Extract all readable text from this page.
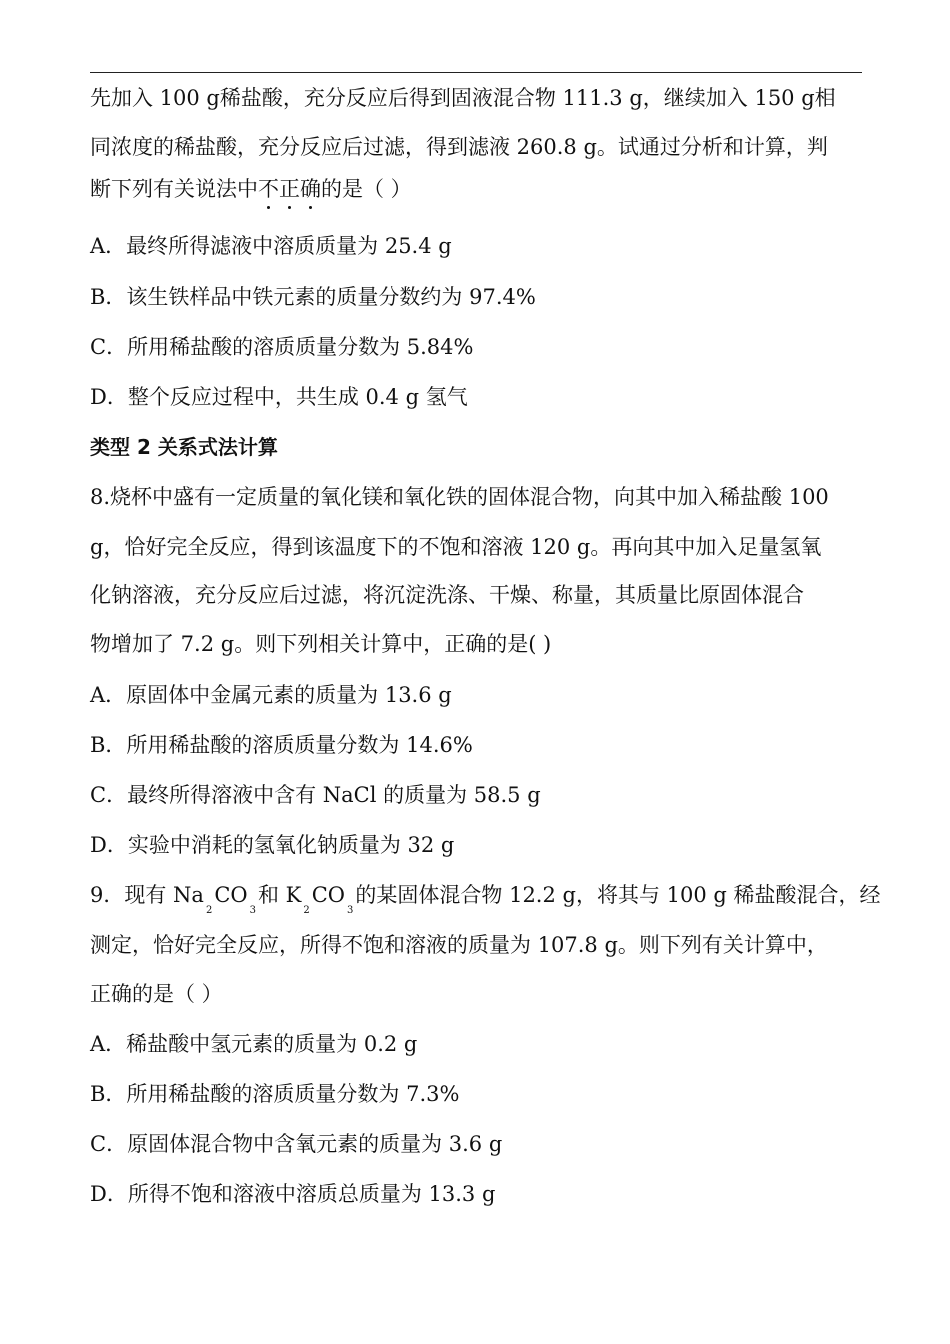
先加入 100 g稀盐酸，充分反应后得到固液混合物 111.3 g，继续加入 150 g相
同浓度的稀盐酸，充分反应后过滤，得到滤液 260.8 g。试通过分析和计算，判
断下列有关说法中不正确的是（ ）
A．最终所得滤液中溶质质量为 25.4 g
B．该生铁样品中铁元素的质量分数约为 97.4%
C．所用稀盐酸的溶质质量分数为 5.84%
D．整个反应过程中，共生成 0.4 g 氢气
类型 2 关系式法计算
8.烧杯中盛有一定质量的氧化镁和氧化铁的固体混合物，向其中加入稀盐酸 100
g，恰好完全反应，得到该温度下的不饱和溶液 120 g。再向其中加入足量氢氧
化钠溶液，充分反应后过滤，将沉淀洗涤、干燥、称量，其质量比原固体混合
物增加了 7.2 g。则下列相关计算中，正确的是( )
A．原固体中金属元素的质量为 13.6 g
B．所用稀盐酸的溶质质量分数为 14.6%
C．最终所得溶液中含有 NaCl 的质量为 58.5 g
D．实验中消耗的氢氧化钠质量为 32 g
9．现有 $Na_2CO_3$和 $K_2CO_3$的某固体混合物 12.2 g，将其与 100 g 稀盐酸混合，经
测定，恰好完全反应，所得不饱和溶液的质量为 107.8 g。则下列有关计算中，
正确的是（ ）
A．稀盐酸中氢元素的质量为 0.2 g
B．所用稀盐酸的溶质质量分数为 7.3%
C．原固体混合物中含氧元素的质量为 3.6 g
D．所得不饱和溶液中溶质总质量为 13.3 g
